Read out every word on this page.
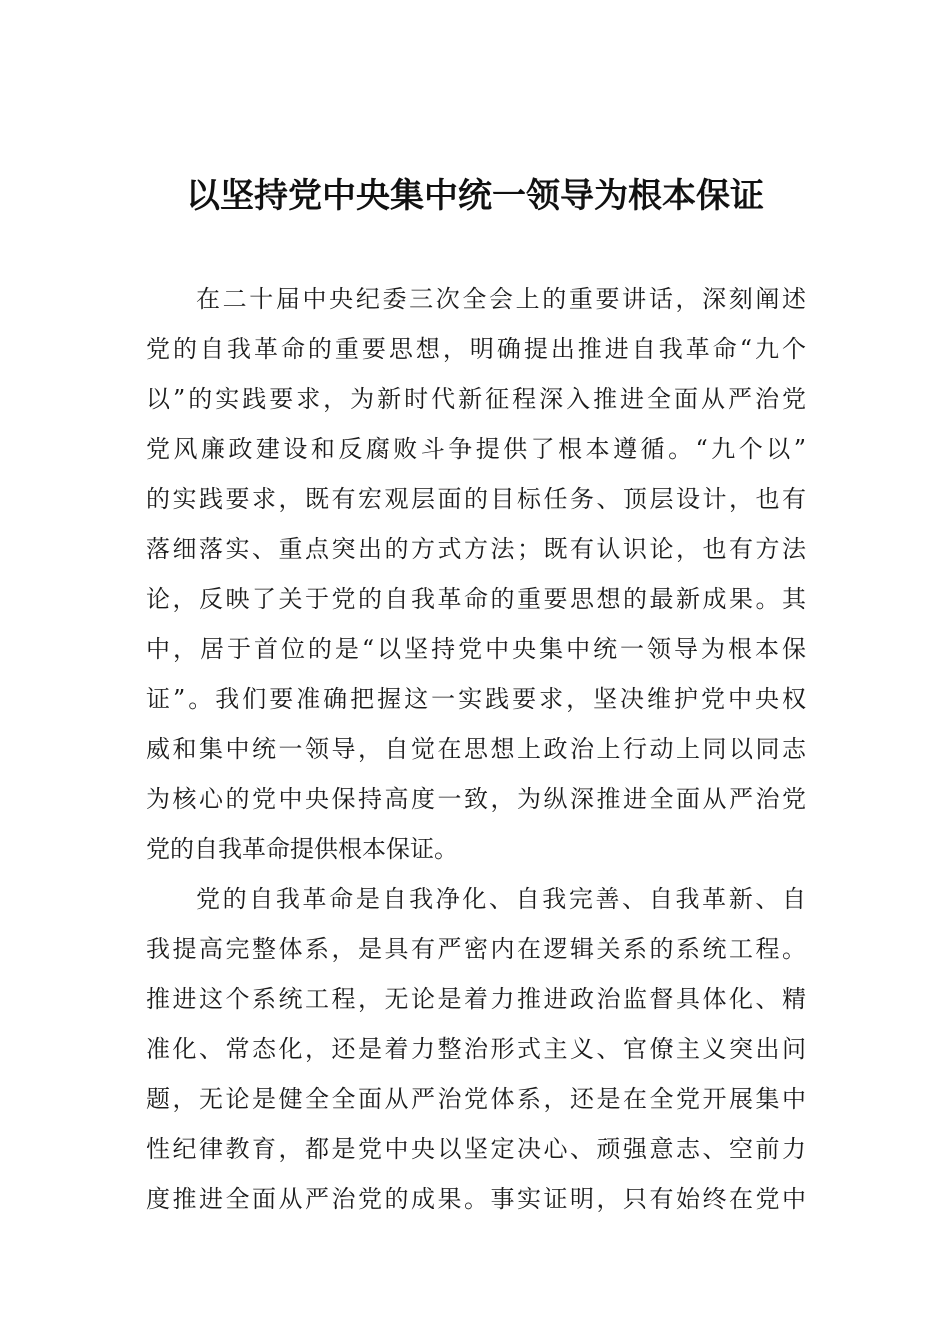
以坚持党中央集中统一领导为根本保证
在二十届中央纪委三次全会上的重要讲话，深刻阐述
党的自我革命的重要思想，明确提出推进自我革命“九个
以”的实践要求，为新时代新征程深入推进全面从严治党
党风廉政建设和反腐败斗争提供了根本遵循。“九个以”
的实践要求，既有宏观层面的目标任务、顶层设计，也有
落细落实、重点突出的方式方法；既有认识论，也有方法
论，反映了关于党的自我革命的重要思想的最新成果。其
中，居于首位的是“以坚持党中央集中统一领导为根本保
证”。我们要准确把握这一实践要求，坚决维护党中央权
威和集中统一领导，自觉在思想上政治上行动上同以同志
为核心的党中央保持高度一致，为纵深推进全面从严治党
党的自我革命提供根本保证。
党的自我革命是自我净化、自我完善、自我革新、自
我提高完整体系，是具有严密内在逻辑关系的系统工程。
推进这个系统工程，无论是着力推进政治监督具体化、精
准化、常态化，还是着力整治形式主义、官僚主义突出问
题，无论是健全全面从严治党体系，还是在全党开展集中
性纪律教育，都是党中央以坚定决心、顽强意志、空前力
度推进全面从严治党的成果。事实证明，只有始终在党中
